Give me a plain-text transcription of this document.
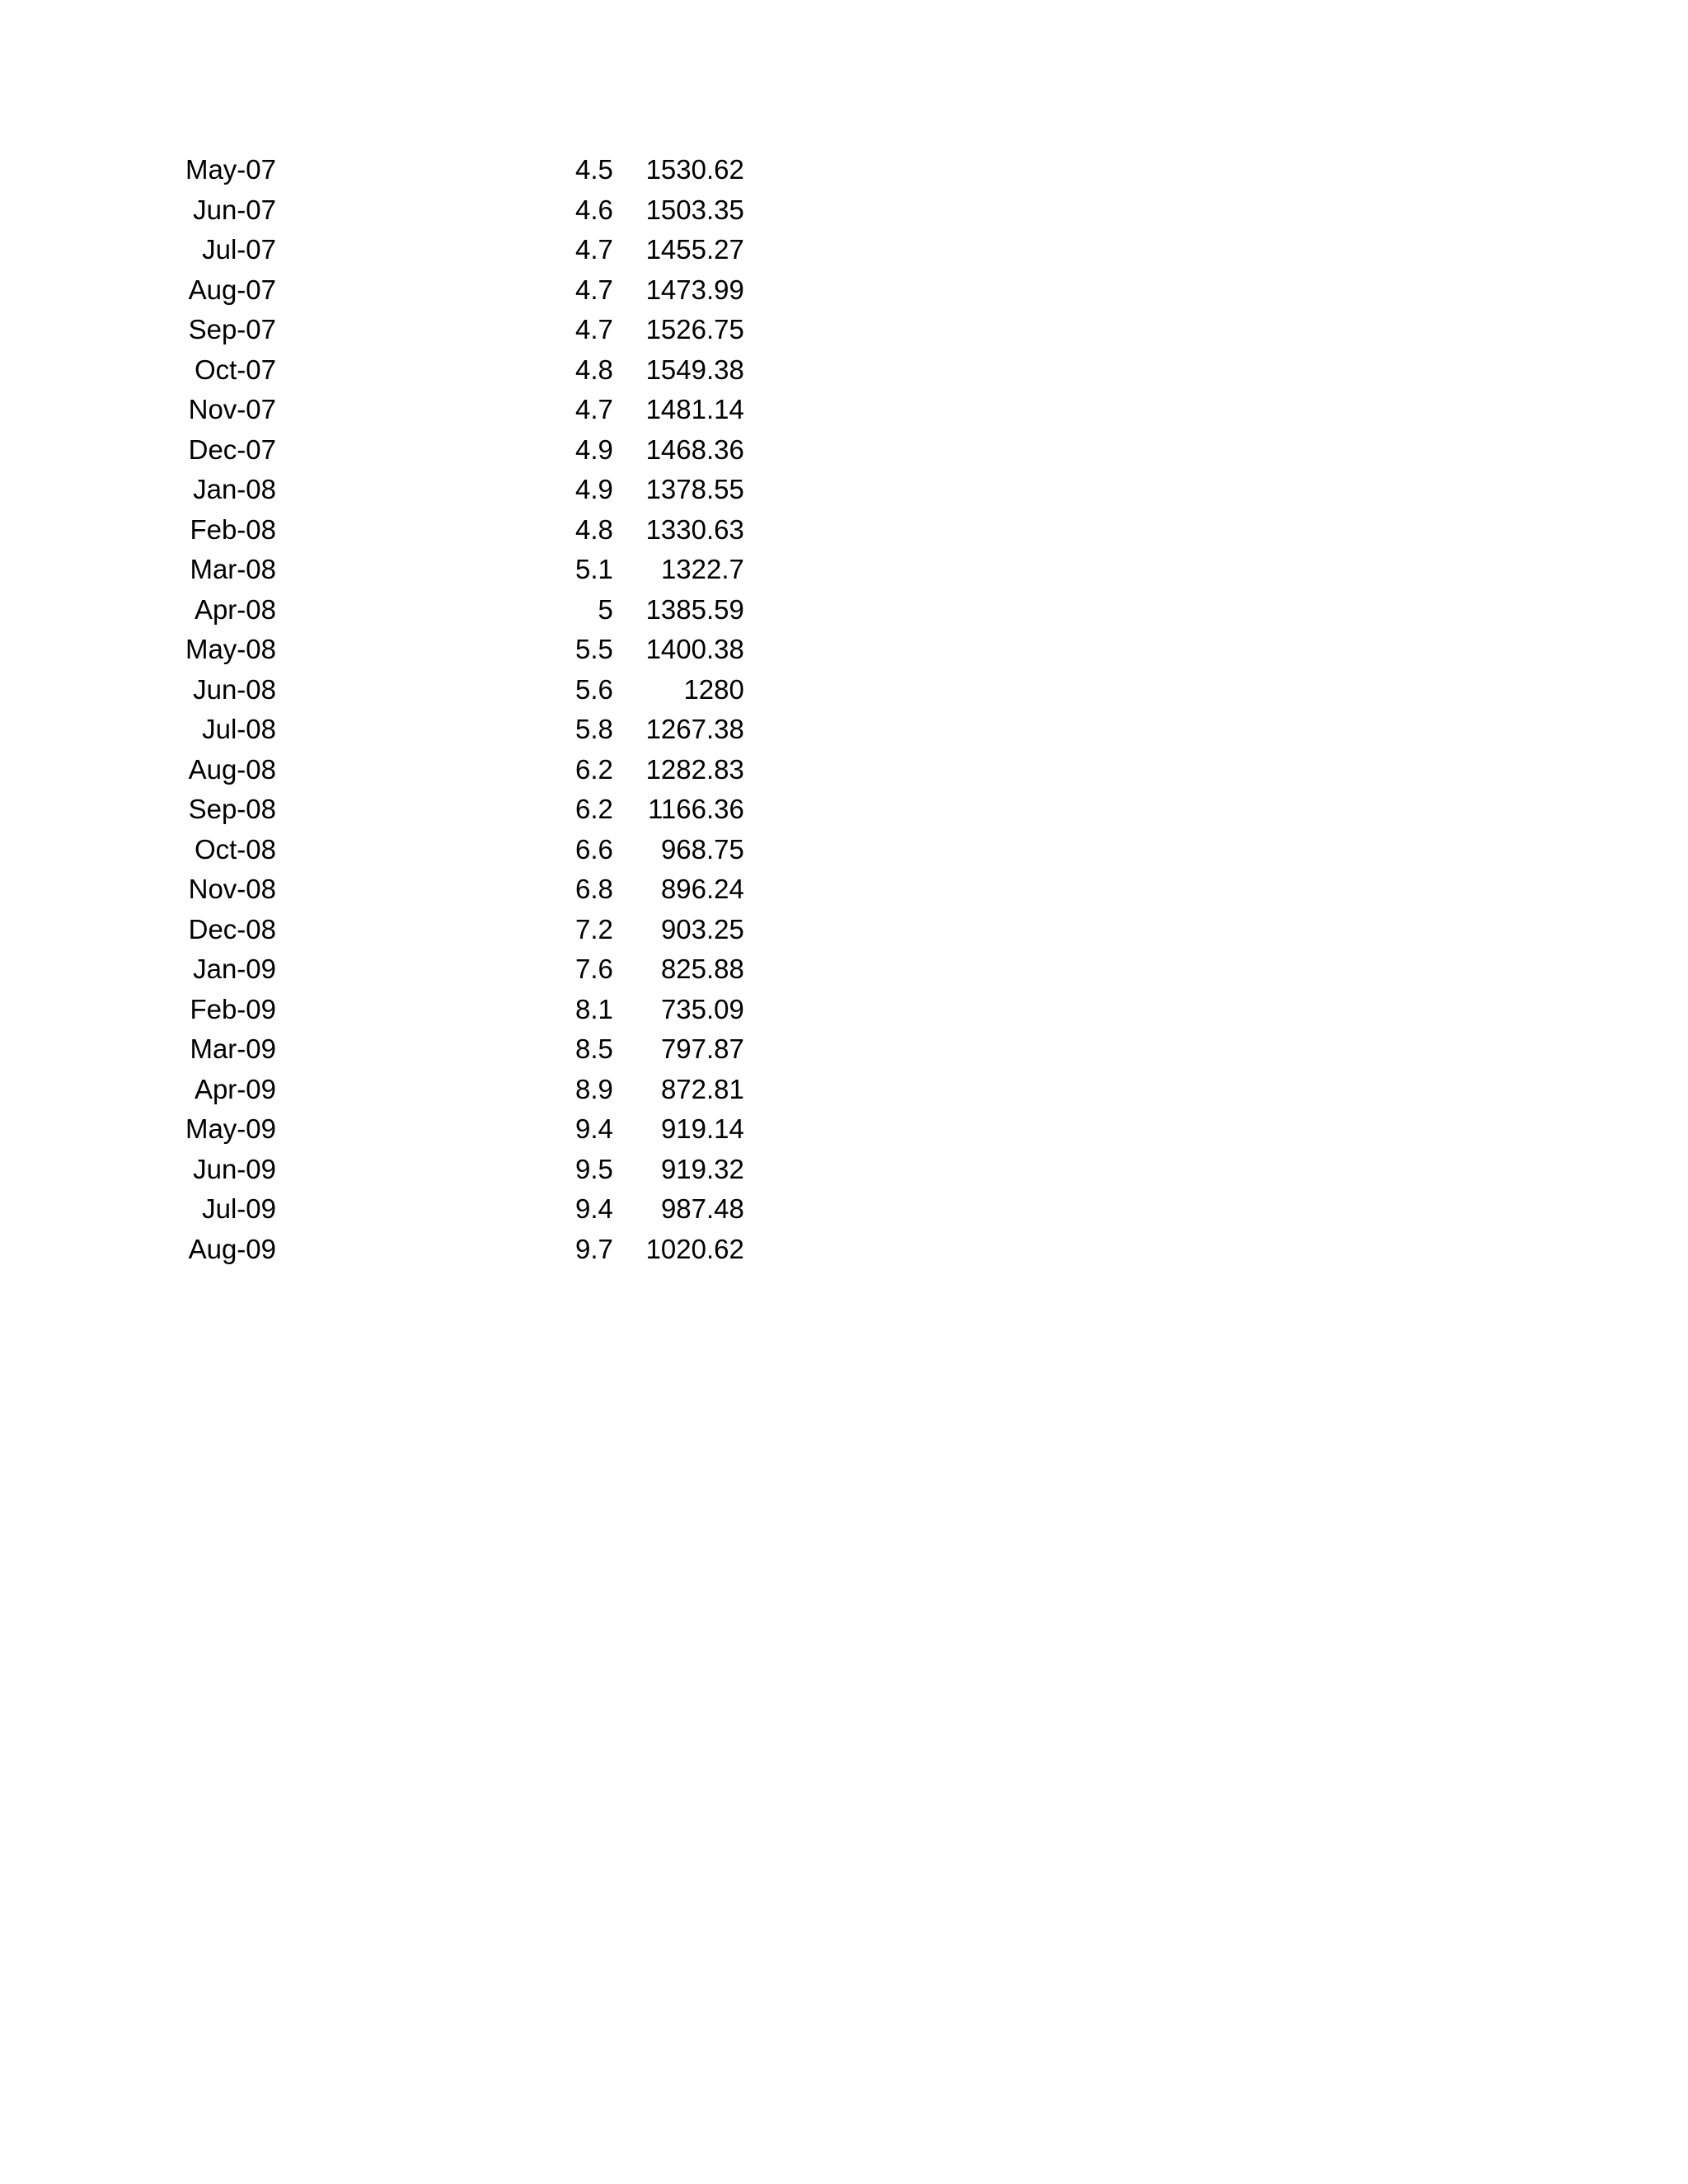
May-07		4.5		1530.62
Jun-07		4.6		1503.35
Jul-07		4.7		1455.27
Aug-07		4.7		1473.99
Sep-07		4.7		1526.75
Oct-07		4.8		1549.38
Nov-07		4.7		1481.14
Dec-07		4.9		1468.36
Jan-08		4.9		1378.55
Feb-08		4.8		1330.63
Mar-08		5.1		1322.7
Apr-08		5		1385.59
May-08		5.5		1400.38
Jun-08		5.6		1280
Jul-08		5.8		1267.38
Aug-08		6.2		1282.83
Sep-08		6.2		1166.36
Oct-08		6.6		968.75
Nov-08		6.8		896.24
Dec-08		7.2		903.25
Jan-09		7.6		825.88
Feb-09		8.1		735.09
Mar-09		8.5		797.87
Apr-09		8.9		872.81
May-09		9.4		919.14
Jun-09		9.5		919.32
Jul-09		9.4		987.48
Aug-09		9.7		1020.62
